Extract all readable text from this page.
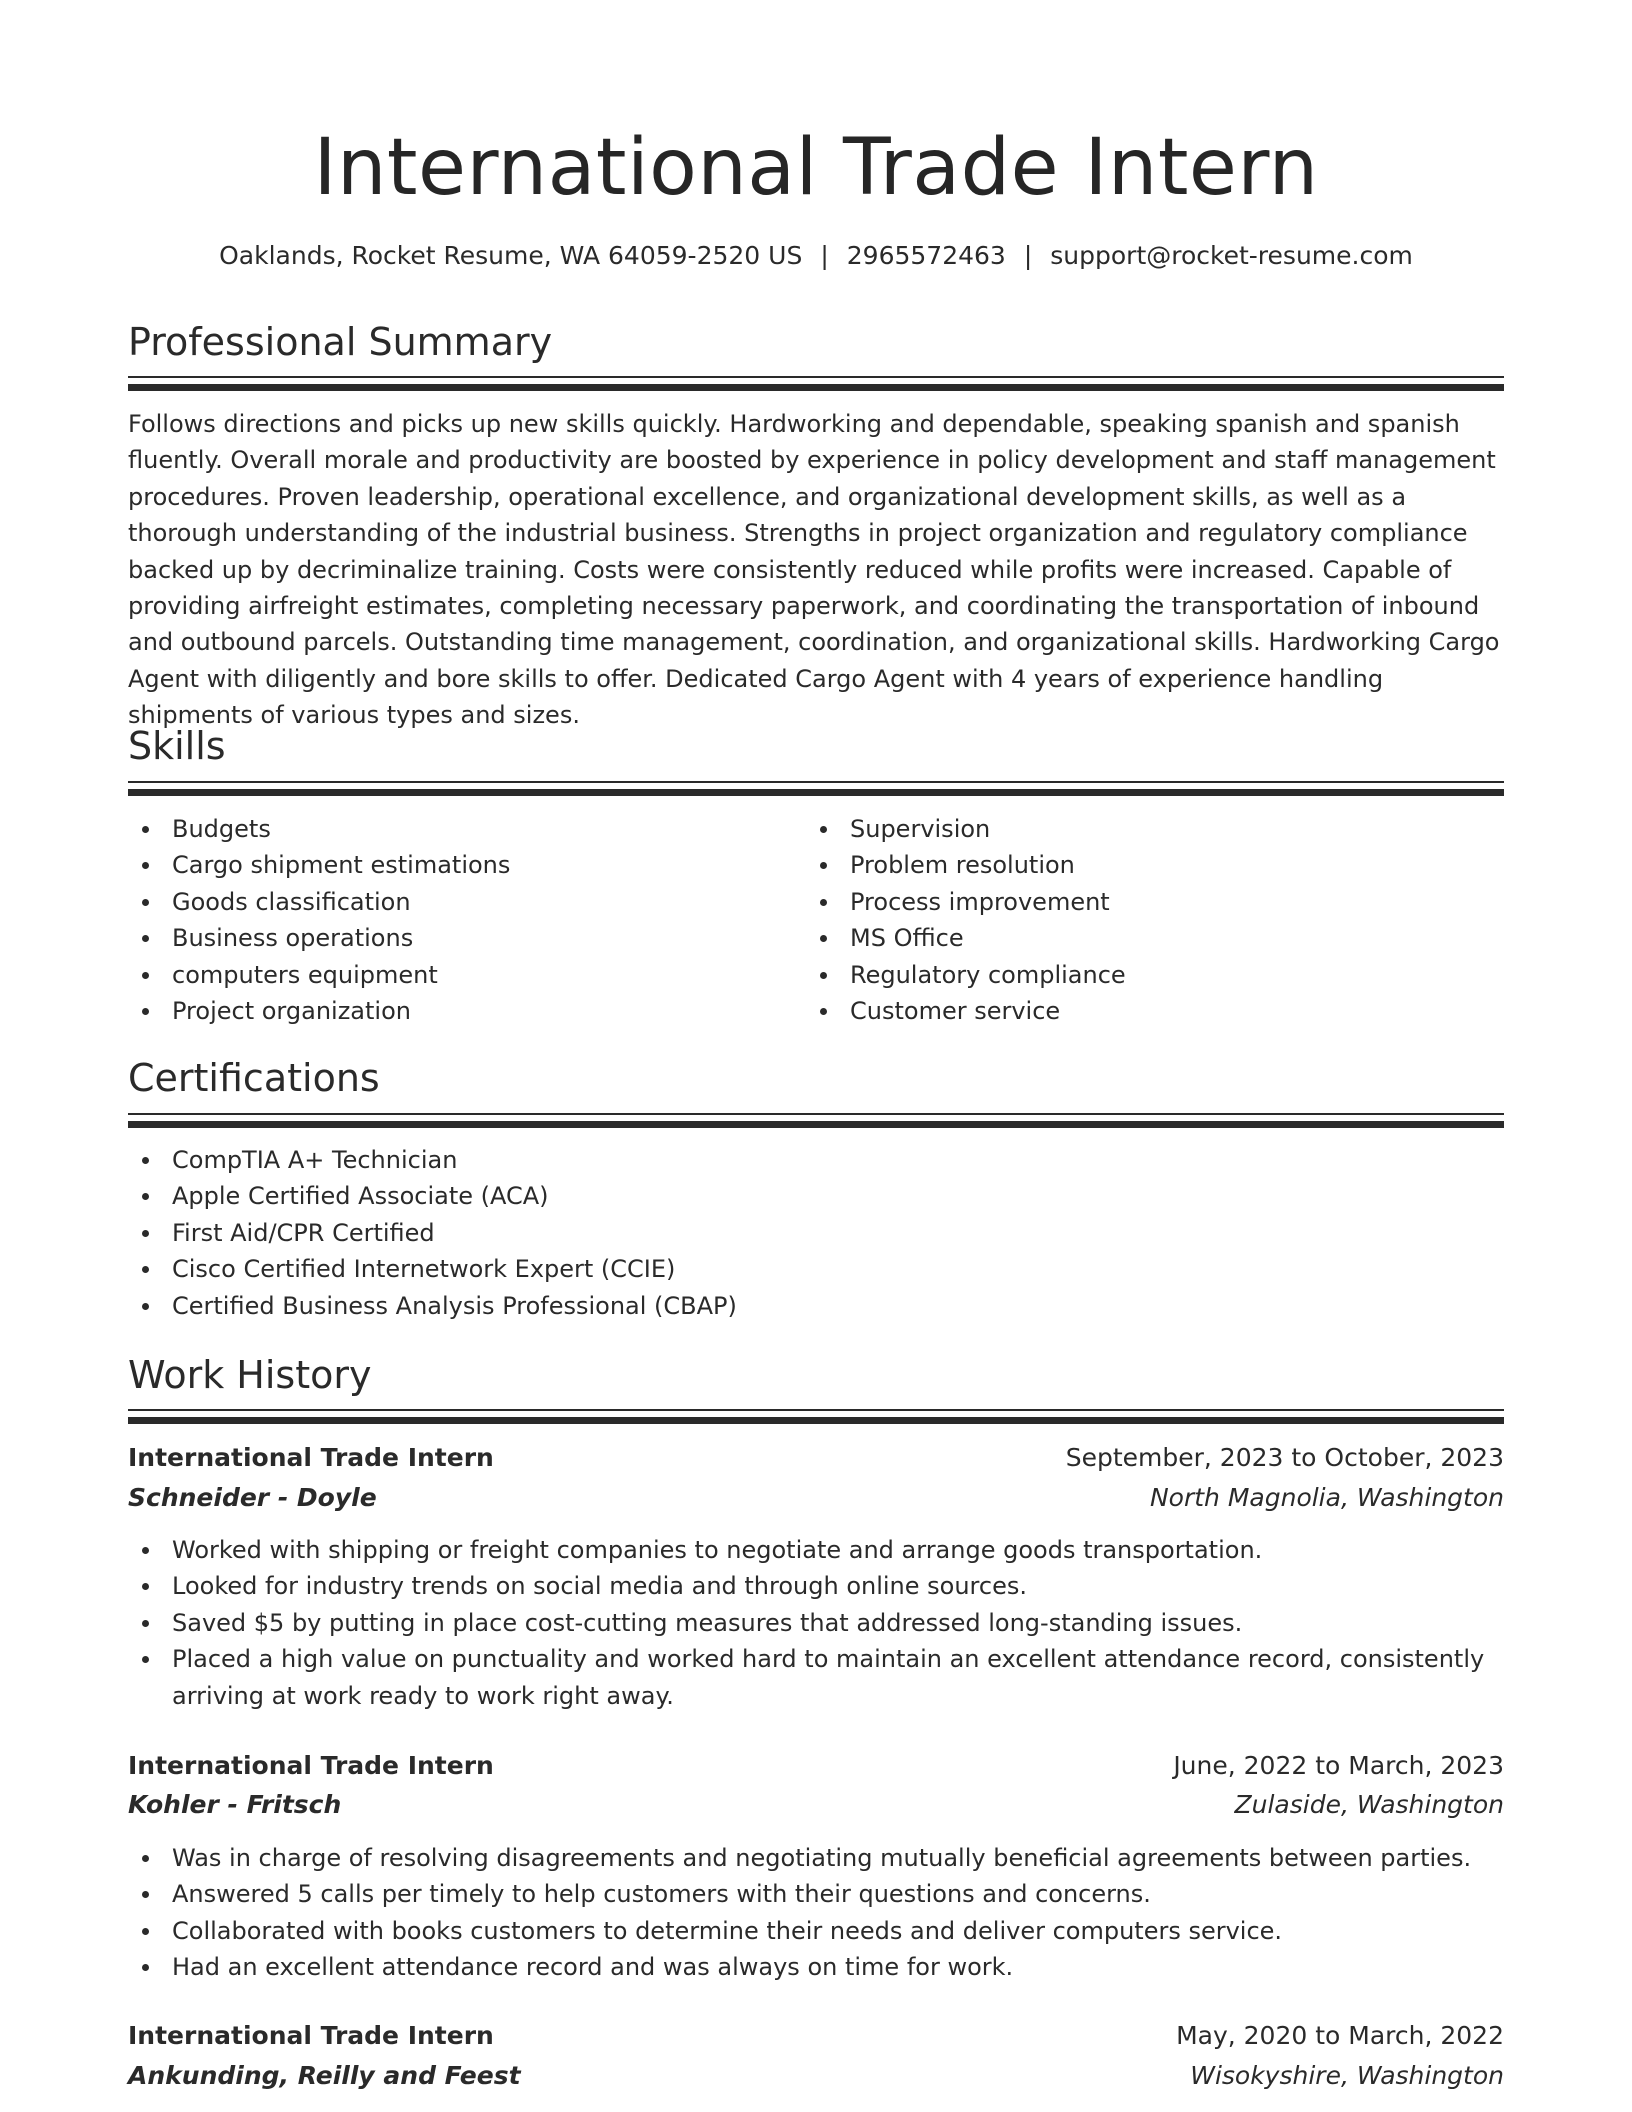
International Trade Intern
Oaklands, Rocket Resume, WA 64059-2520 US | 2965572463 | support@rocket-resume.com
Professional Summary
Follows directions and picks up new skills quickly. Hardworking and dependable, speaking spanish and spanish fluently. Overall morale and productivity are boosted by experience in policy development and staff management procedures. Proven leadership, operational excellence, and organizational development skills, as well as a thorough understanding of the industrial business. Strengths in project organization and regulatory compliance backed up by decriminalize training. Costs were consistently reduced while profits were increased. Capable of providing airfreight estimates, completing necessary paperwork, and coordinating the transportation of inbound and outbound parcels. Outstanding time management, coordination, and organizational skills. Hardworking Cargo Agent with diligently and bore skills to offer. Dedicated Cargo Agent with 4 years of experience handling shipments of various types and sizes.
Skills
Budgets
Cargo shipment estimations
Goods classification
Business operations
computers equipment
Project organization
Supervision
Problem resolution
Process improvement
MS Office
Regulatory compliance
Customer service
Certifications
CompTIA A+ Technician
Apple Certified Associate (ACA)
First Aid/CPR Certified
Cisco Certified Internetwork Expert (CCIE)
Certified Business Analysis Professional (CBAP)
Work History
International Trade Intern	September, 2023 to October, 2023
Schneider - Doyle	North Magnolia, Washington
Worked with shipping or freight companies to negotiate and arrange goods transportation.
Looked for industry trends on social media and through online sources.
Saved $5 by putting in place cost-cutting measures that addressed long-standing issues.
Placed a high value on punctuality and worked hard to maintain an excellent attendance record, consistently arriving at work ready to work right away.
International Trade Intern	June, 2022 to March, 2023
Kohler - Fritsch	Zulaside, Washington
Was in charge of resolving disagreements and negotiating mutually beneficial agreements between parties.
Answered 5 calls per timely to help customers with their questions and concerns.
Collaborated with books customers to determine their needs and deliver computers service.
Had an excellent attendance record and was always on time for work.
International Trade Intern	May, 2020 to March, 2022
Ankunding, Reilly and Feest	Wisokyshire, Washington
